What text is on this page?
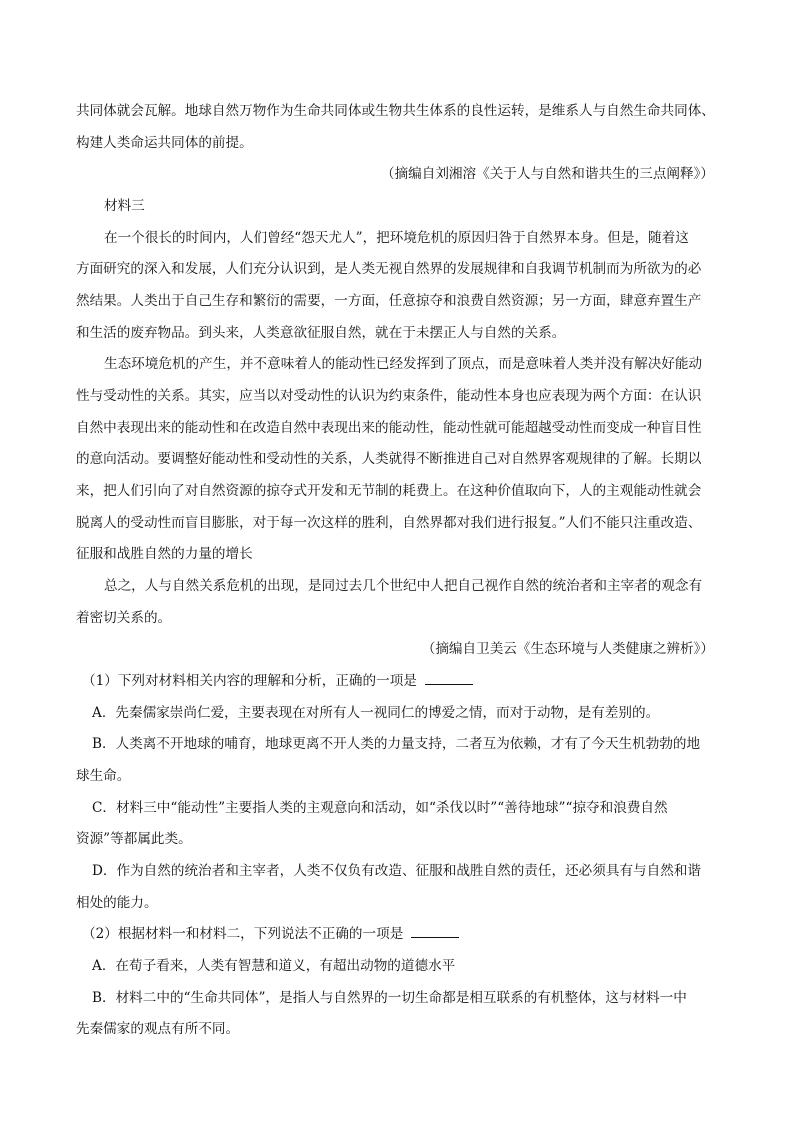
共同体就会瓦解。地球自然万物作为生命共同体或生物共生体系的良性运转，是维系人与自然生命共同体、
构建人类命运共同体的前提。
（摘编自刘湘溶《关于人与自然和谐共生的三点阐释》）
材料三
在一个很长的时间内，人们曾经“怨天尤人”，把环境危机的原因归咎于自然界本身。但是，随着这
方面研究的深入和发展，人们充分认识到，是人类无视自然界的发展规律和自我调节机制而为所欲为的必
然结果。人类出于自己生存和繁衍的需要，一方面，任意掠夺和浪费自然资源；另一方面，肆意弃置生产
和生活的废弃物品。到头来，人类意欲征服自然，就在于未摆正人与自然的关系。
生态环境危机的产生，并不意味着人的能动性已经发挥到了顶点，而是意味着人类并没有解决好能动
性与受动性的关系。其实，应当以对受动性的认识为约束条件，能动性本身也应表现为两个方面：在认识
自然中表现出来的能动性和在改造自然中表现出来的能动性，能动性就可能超越受动性而变成一种盲目性
的意向活动。要调整好能动性和受动性的关系，人类就得不断推进自己对自然界客观规律的了解。长期以
来，把人们引向了对自然资源的掠夺式开发和无节制的耗费上。在这种价值取向下，人的主观能动性就会
脱离人的受动性而盲目膨胀，对于每一次这样的胜利，自然界都对我们进行报复。”人们不能只注重改造、
征服和战胜自然的力量的增长
总之，人与自然关系危机的出现，是同过去几个世纪中人把自己视作自然的统治者和主宰者的观念有
着密切关系的。
（摘编自卫美云《生态环境与人类健康之辨析》）
（1）下列对材料相关内容的理解和分析，正确的一项是
A．先秦儒家崇尚仁爱，主要表现在对所有人一视同仁的博爱之情，而对于动物，是有差别的。
B．人类离不开地球的哺育，地球更离不开人类的力量支持，二者互为依赖，才有了今天生机勃勃的地
球生命。
C．材料三中“能动性”主要指人类的主观意向和活动，如“杀伐以时”“善待地球”“掠夺和浪费自然
资源”等都属此类。
D．作为自然的统治者和主宰者，人类不仅负有改造、征服和战胜自然的责任，还必须具有与自然和谐
相处的能力。
（2）根据材料一和材料二，下列说法不正确的一项是
A．在荀子看来，人类有智慧和道义，有超出动物的道德水平
B．材料二中的“生命共同体”，是指人与自然界的一切生命都是相互联系的有机整体，这与材料一中
先秦儒家的观点有所不同。
